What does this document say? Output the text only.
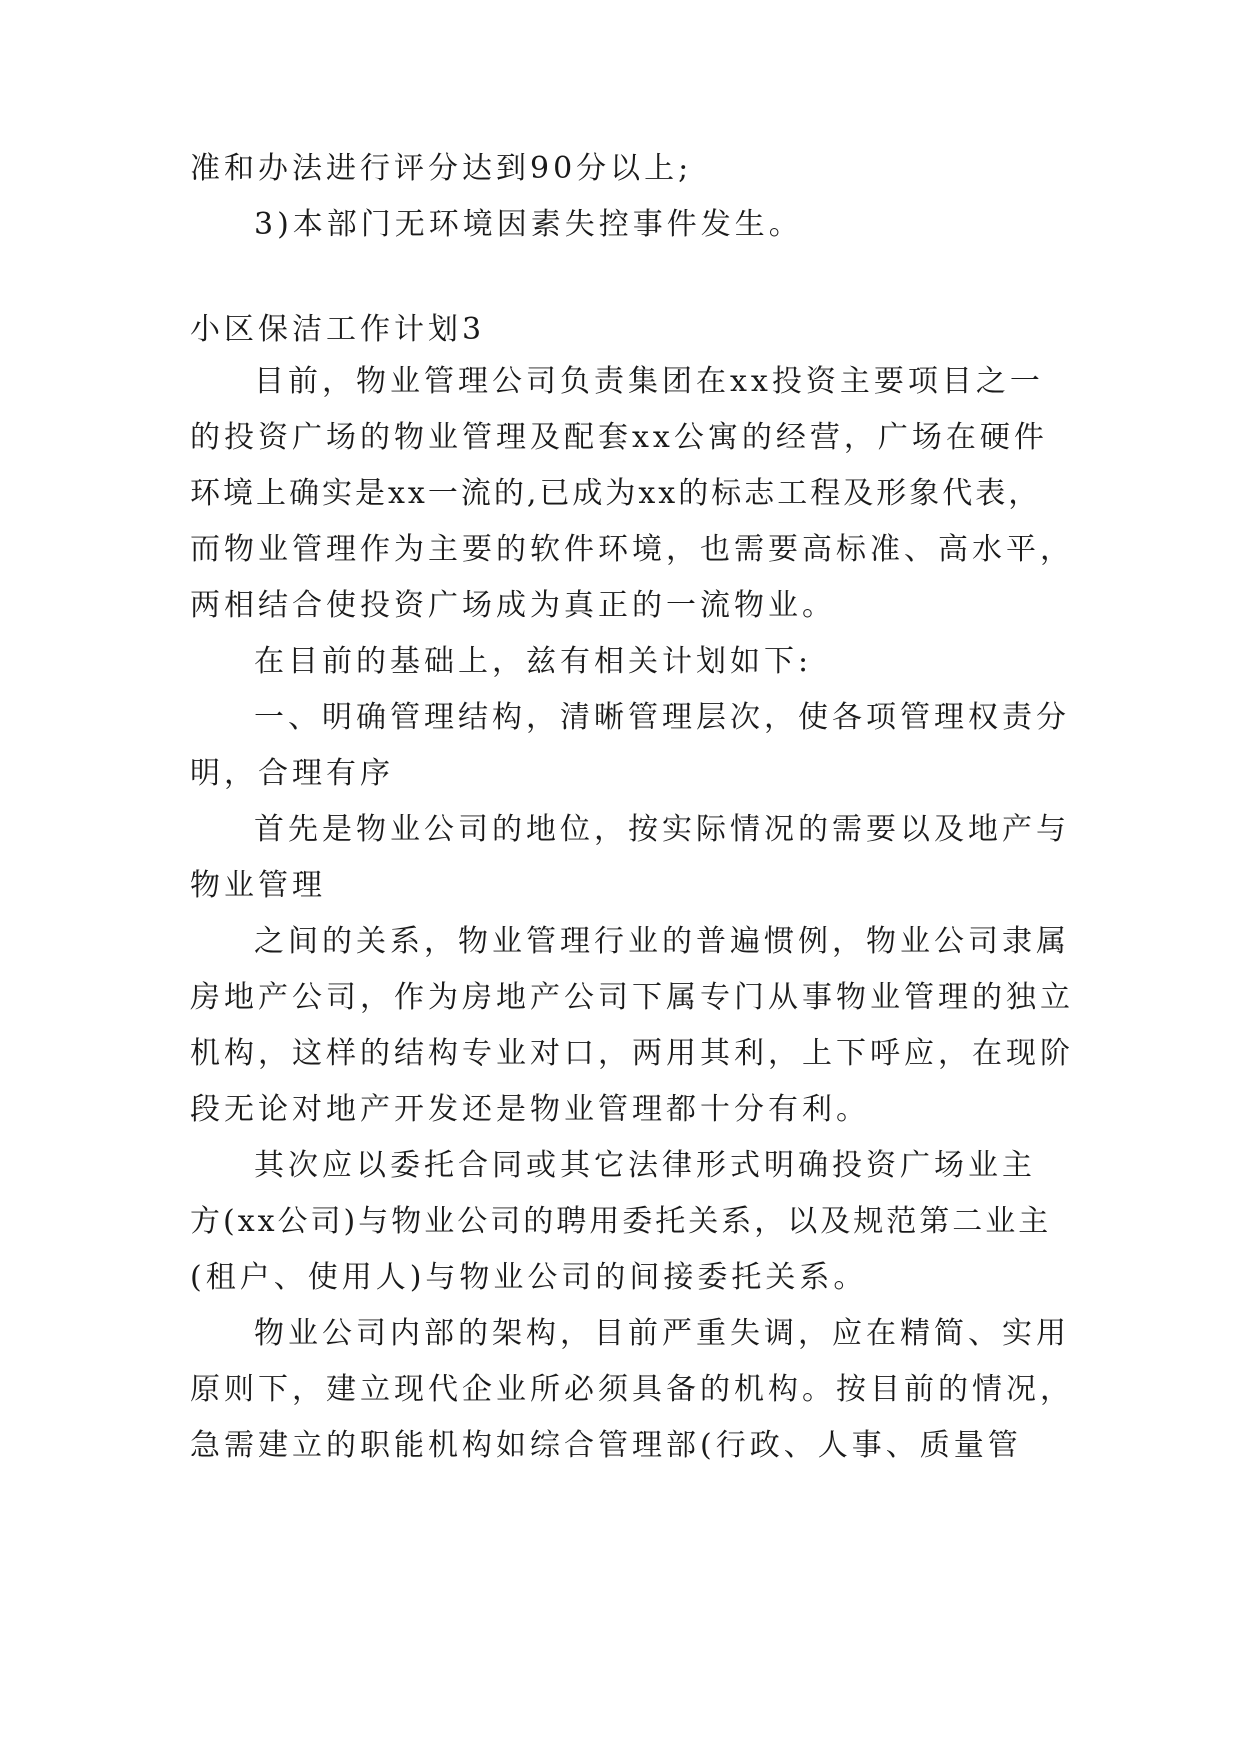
准和办法进行评分达到90分以上;
3)本部门无环境因素失控事件发生。
小区保洁工作计划3
目前，物业管理公司负责集团在xx投资主要项目之一
的投资广场的物业管理及配套xx公寓的经营，广场在硬件
环境上确实是xx一流的,已成为xx的标志工程及形象代表，
而物业管理作为主要的软件环境，也需要高标准、高水平，
两相结合使投资广场成为真正的一流物业。
在目前的基础上，兹有相关计划如下:
一、明确管理结构，清晰管理层次，使各项管理权责分
明，合理有序
首先是物业公司的地位，按实际情况的需要以及地产与
物业管理
之间的关系，物业管理行业的普遍惯例，物业公司隶属
房地产公司，作为房地产公司下属专门从事物业管理的独立
机构，这样的结构专业对口，两用其利，上下呼应，在现阶
段无论对地产开发还是物业管理都十分有利。
其次应以委托合同或其它法律形式明确投资广场业主
方(xx公司)与物业公司的聘用委托关系，以及规范第二业主
(租户、使用人)与物业公司的间接委托关系。
物业公司内部的架构，目前严重失调，应在精简、实用
原则下，建立现代企业所必须具备的机构。按目前的情况，
急需建立的职能机构如综合管理部(行政、人事、质量管
